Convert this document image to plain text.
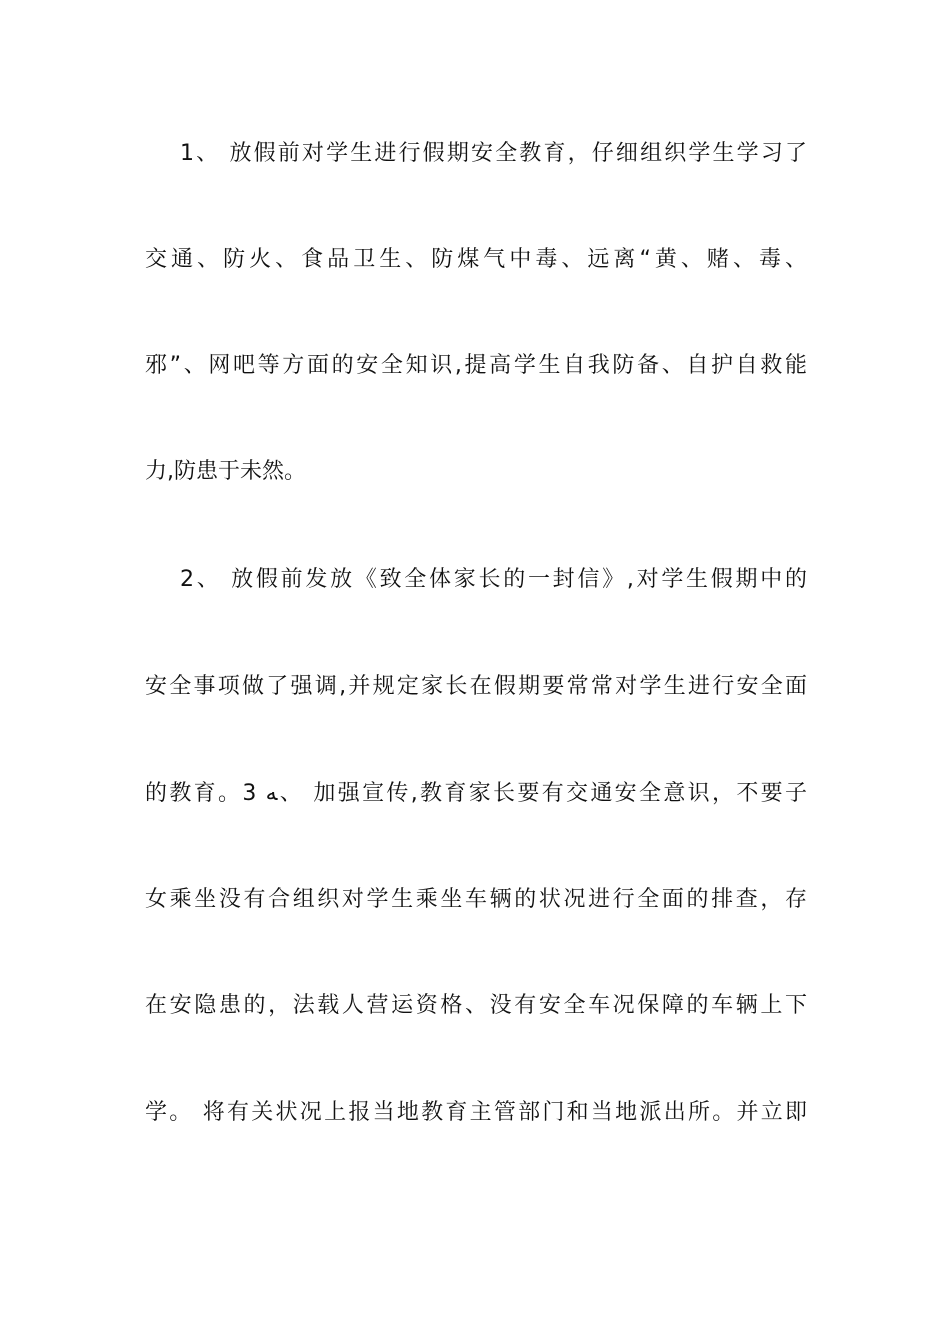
1、 放假前对学生进行假期安全教育，仔细组织学生学习了
交通、防火、食品卫生、防煤气中毒、远离“黄、赌、毒、
邪”、网吧等方面的安全知识,提高学生自我防备、自护自救能
力,防患于未然。
2、 放假前发放《致全体家长的一封信》,对学生假期中的
安全事项做了强调,并规定家长在假期要常常对学生进行安全面
的教育。3 ﻪ、 加强宣传,教育家长要有交通安全意识，不要子
女乘坐没有合组织对学生乘坐车辆的状况进行全面的排查，存
在安隐患的，法载人营运资格、没有安全车况保障的车辆上下
学。 将有关状况上报当地教育主管部门和当地派出所。并立即
